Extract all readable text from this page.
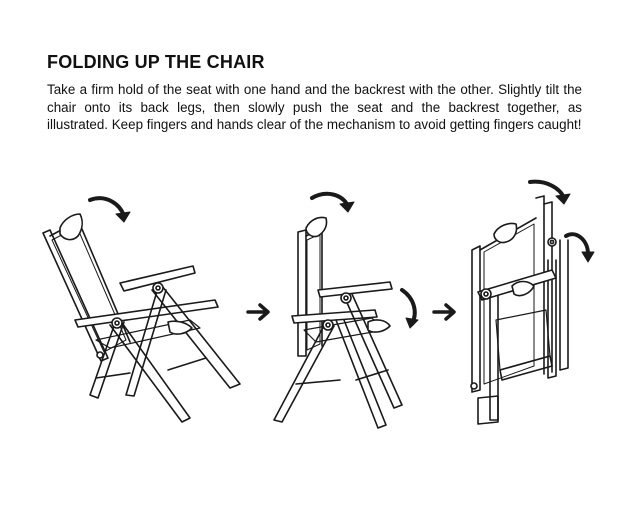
FOLDING UP THE CHAIR

Take a firm hold of the seat with one hand and the backrest with the other. Slightly tilt the chair onto its back legs, then slowly push the seat and the backrest together, as illustrated. Keep fingers and hands clear of the mechanism to avoid getting fingers caught!
